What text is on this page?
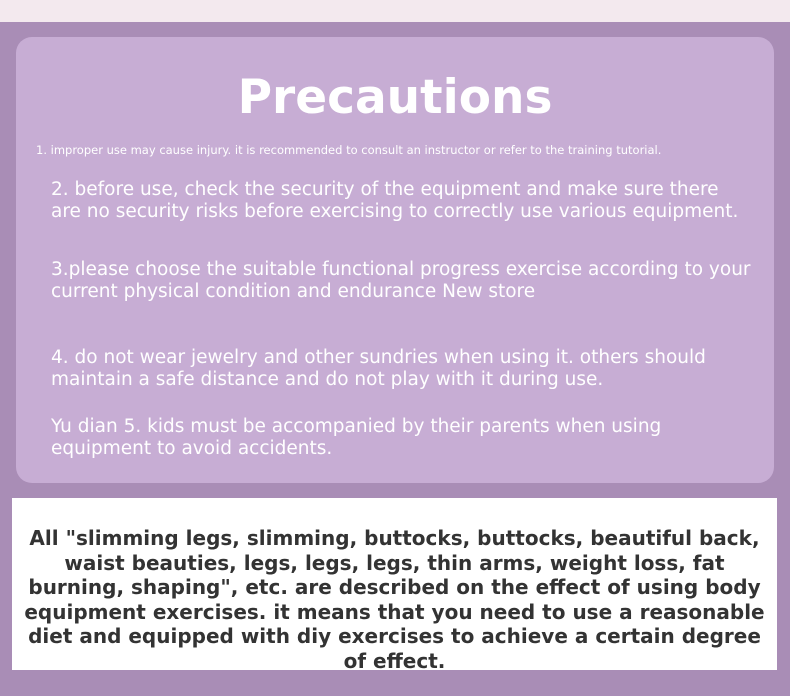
Precautions
1. improper use may cause injury. it is recommended to consult an instructor or refer to the training tutorial.
2. before use, check the security of the equipment and make sure there are no security risks before exercising to correctly use various equipment.
3.please choose the suitable functional progress exercise according to your current physical condition and endurance New store
4. do not wear jewelry and other sundries when using it. others should maintain a safe distance and do not play with it during use.
Yu dian 5. kids must be accompanied by their parents when using equipment to avoid accidents.
All "slimming legs, slimming, buttocks, buttocks, beautiful back, waist beauties, legs, legs, legs, thin arms, weight loss, fat burning, shaping", etc. are described on the effect of using body equipment exercises. it means that you need to use a reasonable diet and equipped with diy exercises to achieve a certain degree of effect.
